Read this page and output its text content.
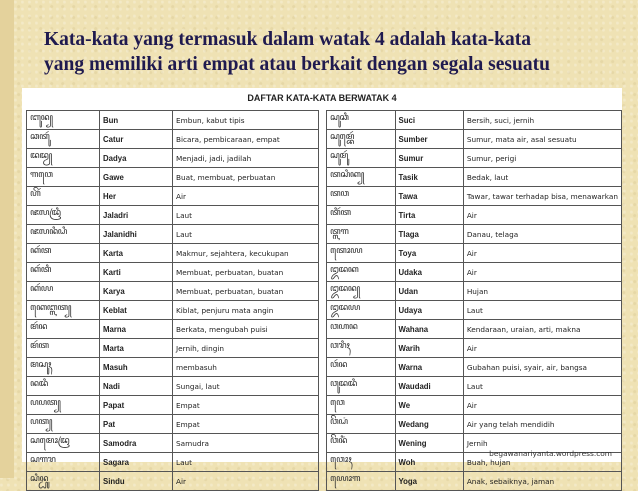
Kata-kata yang termasuk dalam watak 4 adalah kata-kata
yang memiliki arti empat atau berkait dengan segala sesuatu
DAFTAR KATA-KATA BERWATAK 4
ꦧꦸꦤ꧀	Bun	Embun, kabut tipis
ꦕꦠꦸꦂ	Catur	Bicara, pembicaraan, empat
ꦢꦢꦾ	Dadya	Menjadi, jadi, jadilah
ꦒꦮꦺ	Gawe	Buat, membuat, perbuatan
ꦲꦼꦂ	Her	Air
ꦗꦭꦢꦿꦶ	Jaladri	Laut
ꦗꦭꦤꦶꦝꦶ	Jalanidhi	Laut
ꦏꦂꦠ	Karta	Makmur, sejahtera, kecukupan
ꦏꦂꦠꦶ	Karti	Membuat, perbuatan, buatan
ꦏꦂꦪ	Karya	Membuat, perbuatan, buatan
ꦏꦺꦧ꧀ꦭꦠ꧀	Keblat	Kiblat, penjuru mata angin
ꦩꦂꦤ	Marna	Berkata, mengubah puisi
ꦩꦂꦠ	Marta	Jernih, dingin
ꦩꦱꦸꦃ	Masuh	membasuh
ꦤꦢꦶ	Nadi	Sungai, laut
ꦥꦥꦠ꧀	Papat	Empat
ꦥꦠ꧀	Pat	Empat
ꦱꦩꦺꦴꦢꦿ	Samodra	Samudra
ꦱꦒꦫ	Sagara	Laut
ꦱꦶꦤ꧀ꦝꦸ	Sindu	Air
ꦱꦸꦕꦶ	Suci	Bersih, suci, jernih
ꦱꦸꦩ꧀ꦧꦺꦂ	Sumber	Sumur, mata air, asal sesuatu
ꦱꦸꦩꦸꦂ	Sumur	Sumur, perigi
ꦠꦱꦶꦏ꧀	Tasik	Bedak, laut
ꦠꦮ	Tawa	Tawar, tawar terhadap bisa, menawarkan
ꦠꦶꦂꦠ	Tirta	Air
ꦠ꧀ꦭꦒ	Tlaga	Danau, telaga
ꦠꦺꦴꦪ	Toya	Air
ꦈꦢꦏ	Udaka	Air
ꦈꦢꦤ꧀	Udan	Hujan
ꦈꦢꦪ	Udaya	Laut
ꦮꦲꦤ	Wahana	Kendaraan, uraian, arti, makna
ꦮꦫꦶꦃ	Warih	Air
ꦮꦂꦤ	Warna	Gubahan puisi, syair, air, bangsa
ꦮꦸꦢꦢꦶ	Waudadi	Laut
ꦮꦺ	We	Air
ꦮꦼꦝꦁ	Wedang	Air yang telah mendidih
ꦮꦼꦤꦶꦁ	Wening	Jernih
ꦮꦺꦴꦃ	Woh	Buah, hujan
ꦪꦺꦴꦒ	Yoga	Anak, sebaiknya, jaman
begawanariyanta.wordpress.com
